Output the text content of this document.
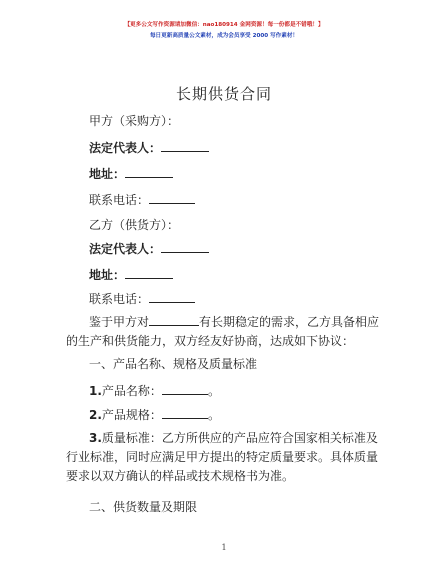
【更多公文写作资源请加微信：nao180914 金网资源！每一份都是不错哦！】
每日更新高质量公文素材，成为会员享受 2000 写作素材！
长期供货合同
甲方（采购方）：
法定代表人：
地址：
联系电话：
乙方（供货方）：
法定代表人：
地址：
联系电话：
鉴于甲方对	有长期稳定的需求，乙方具备相应的生产和供货能力，双方经友好协商，达成如下协议：
一、产品名称、规格及质量标准
1.产品名称：	。
2.产品规格：	。
3.质量标准：乙方所供应的产品应符合国家相关标准及行业标准，同时应满足甲方提出的特定质量要求。具体质量要求以双方确认的样品或技术规格书为准。
二、供货数量及期限
1
